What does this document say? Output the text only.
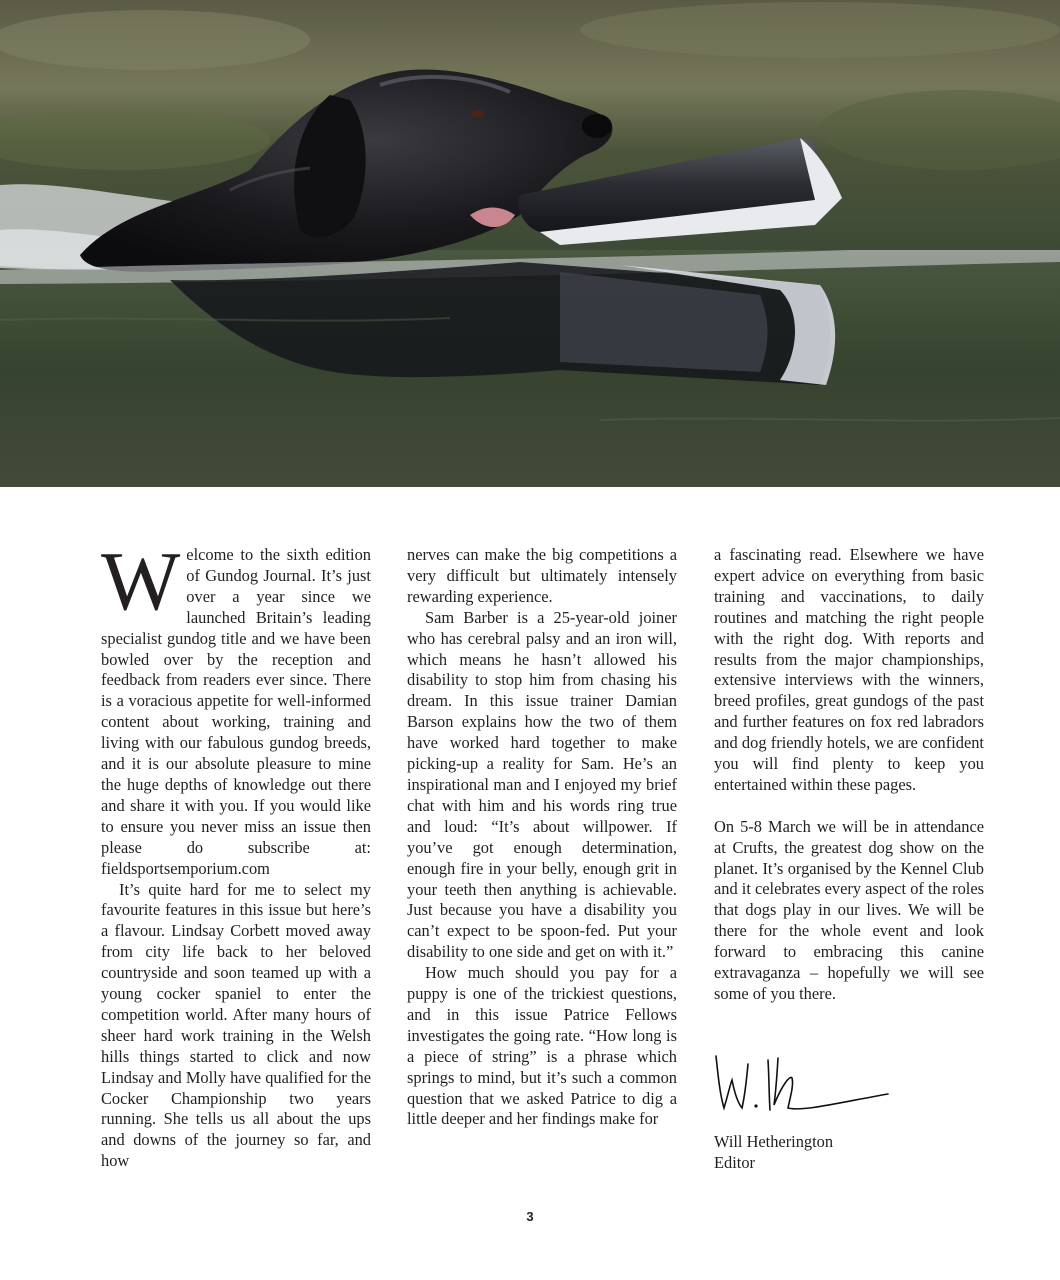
Welcome to the sixth edition of Gundog Journal. It’s just over a year since we launched Britain’s leading specialist gundog title and we have been bowled over by the reception and feedback from readers ever since. There is a voracious appetite for well-informed content about working, training and living with our fabulous gundog breeds, and it is our absolute pleasure to mine the huge depths of knowledge out there and share it with you. If you would like to ensure you never miss an issue then please do subscribe at: fieldsportsemporium.com

It’s quite hard for me to select my favourite features in this issue but here’s a flavour. Lindsay Corbett moved away from city life back to her beloved countryside and soon teamed up with a young cocker spaniel to enter the competition world. After many hours of sheer hard work training in the Welsh hills things started to click and now Lindsay and Molly have qualified for the Cocker Championship two years running. She tells us all about the ups and downs of the journey so far, and how

nerves can make the big competitions a very difficult but ultimately intensely rewarding experience.

Sam Barber is a 25-year-old joiner who has cerebral palsy and an iron will, which means he hasn’t allowed his disability to stop him from chasing his dream. In this issue trainer Damian Barson explains how the two of them have worked hard together to make picking-up a reality for Sam. He’s an inspirational man and I enjoyed my brief chat with him and his words ring true and loud: “It’s about willpower. If you’ve got enough determination, enough fire in your belly, enough grit in your teeth then anything is achievable. Just because you have a disability you can’t expect to be spoon-fed. Put your disability to one side and get on with it.”

How much should you pay for a puppy is one of the trickiest questions, and in this issue Patrice Fellows investigates the going rate. “How long is a piece of string” is a phrase which springs to mind, but it’s such a common question that we asked Patrice to dig a little deeper and her findings make for

a fascinating read. Elsewhere we have expert advice on everything from basic training and vaccinations, to daily routines and matching the right people with the right dog. With reports and results from the major championships, extensive interviews with the winners, breed profiles, great gundogs of the past and further features on fox red labradors and dog friendly hotels, we are confident you will find plenty to keep you entertained within these pages.

On 5-8 March we will be in attendance at Crufts, the greatest dog show on the planet. It’s organised by the Kennel Club and it celebrates every aspect of the roles that dogs play in our lives. We will be there for the whole event and look forward to embracing this canine extravaganza – hopefully we will see some of you there.

Will Hetherington
Editor
3
